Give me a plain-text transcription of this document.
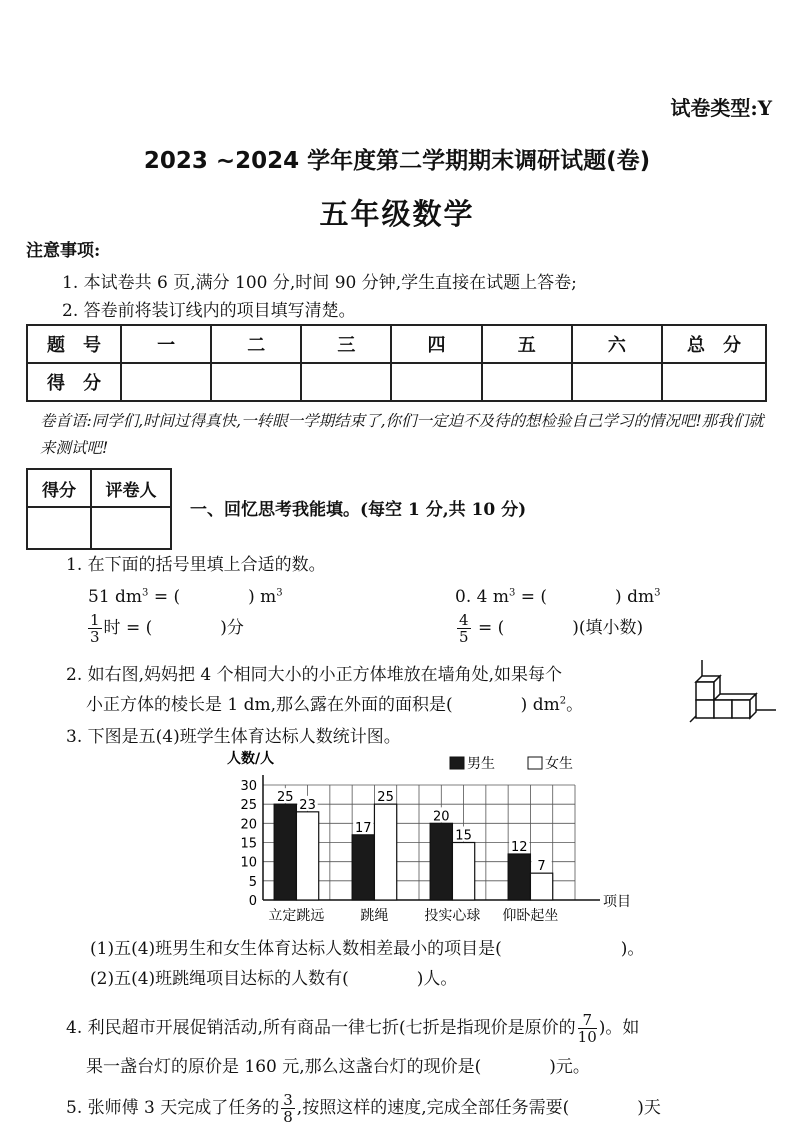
试卷类型:Y
2023 ~2024 学年度第二学期期末调研试题(卷)
五年级数学
注意事项:
1. 本试卷共 6 页,满分 100 分,时间 90 分钟,学生直接在试题上答卷;
2. 答卷前将装订线内的项目填写清楚。
题　号	一	二	三	四	五	六	总　分
得　分							
卷首语:同学们,时间过得真快,一转眼一学期结束了,你们一定迫不及待的想检验自己学习的情况吧!那我们就来测试吧!
得分	评卷人

一、回忆思考我能填。(每空 1 分,共 10 分)
1. 在下面的括号里填上合适的数。
51 $dm^3$ = (　　　　) $m^3$	0. 4 $m^3$ = (　　　　) $dm^3$
$\frac{1}{3}$ 时 = (　　　　)分	$\frac{4}{5}$ = (　　　　)(填小数)
2. 如右图,妈妈把 4 个相同大小的小正方体堆放在墙角处,如果每个
小正方体的棱长是 1 dm,那么露在外面的面积是(　　　　) $dm^2$。
3. 下图是五(4)班学生体育达标人数统计图。
0
5
10
15
20
25
30
人数/人
项目
男生	女生
25
23
立定跳远
17
25
跳绳
20
15
投实心球
12
7
仰卧起坐
(1)五(4)班男生和女生体育达标人数相差最小的项目是(　　　　　　　)。
(2)五(4)班跳绳项目达标的人数有(　　　　)人。
4. 利民超市开展促销活动,所有商品一律七折(七折是指现价是原价的 $\frac{7}{10}$ )。如
果一盏台灯的原价是 160 元,那么这盏台灯的现价是(　　　　)元。
5. 张师傅 3 天完成了任务的 $\frac{3}{8}$ ,按照这样的速度,完成全部任务需要(　　　　)天
